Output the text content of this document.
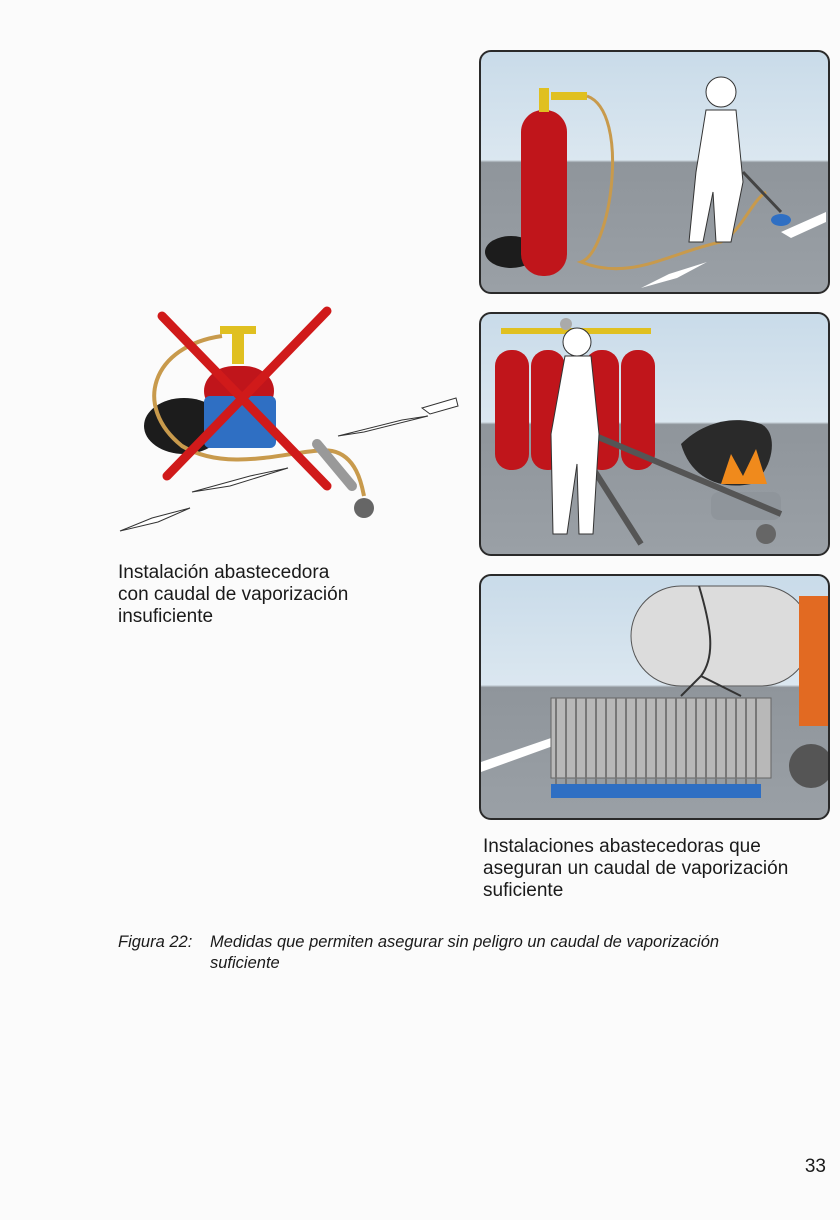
Instalación abastecedora
con caudal de vaporización
insuficiente

Instalaciones abastecedoras que
aseguran un caudal de vaporización
suficiente

Figura 22: Medidas que permiten asegurar sin peligro un caudal de vaporización
suficiente
33
